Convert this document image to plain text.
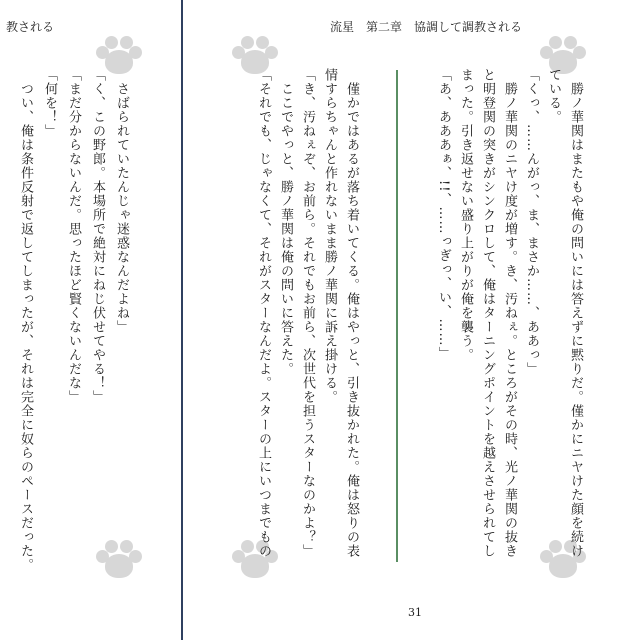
教される
　さばられていたんじゃ迷惑なんだよね」
「く、この野郎。本場所で絶対にねじ伏せてやる！」
「まだ分からないんだ。思ったほど賢くないんだな」
「何を！」
　つい、俺は条件反射で返してしまったが、それは完全に奴らのペースだった。
流星　第二章　協調して調教される
　勝ノ華関はまたもや俺の問いには答えずに黙りだ。僅かにニヤけた顔を続け
ている。
「くっ、……んがっ、ま、まさか……、ああっ」
　勝ノ華関のニヤけ度が増す。き、汚ねぇ。ところがその時、光ノ華関の抜き
と明登関の突きがシンクロして、俺はターニングポイントを越えさせられてし
まった。引き返せない盛り上がりが俺を襲う。
「あ、あああぁ、!!、……っぎっ、い、……」
　僅かではあるが落ち着いてくる。俺はやっと、引き抜かれた。俺は怒りの表
情すらちゃんと作れないまま勝ノ華関に訴え掛ける。
「き、汚ねぇぞ、お前ら。それでもお前ら、次世代を担うスターなのかよ？」
　ここでやっと、勝ノ華関は俺の問いに答えた。
「それでも、じゃなくて、それがスターなんだよ。スターの上にいつまでもの
31
